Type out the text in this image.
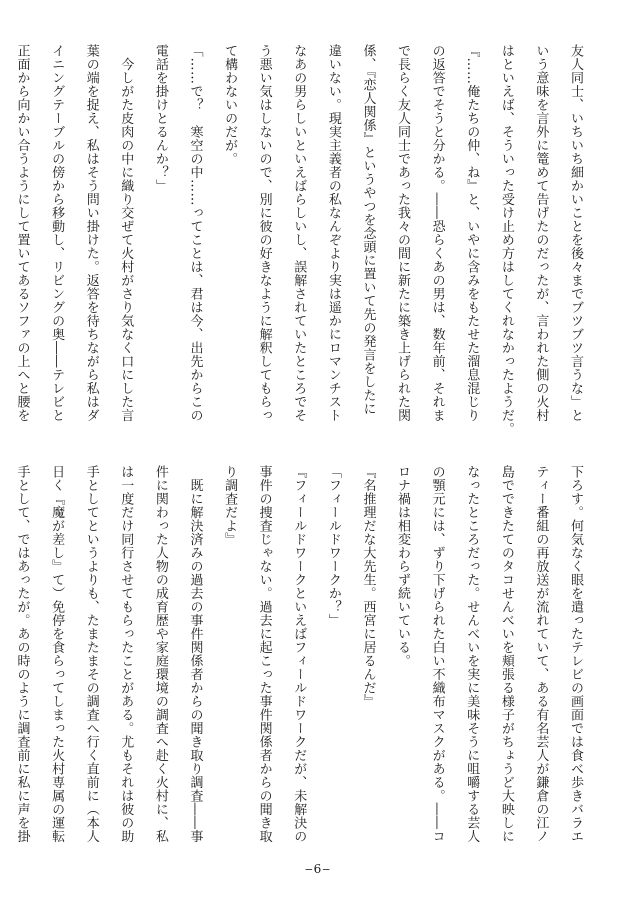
友人同士、いちいち細かいことを後々までブツブツ言うな」と
いう意味を言外に篭めて告げたのだったが、言われた側の火村
はといえば、そういった受け止め方はしてくれなかったようだ。
『……俺たちの仲、ね』と、いやに含みをもたせた溜息混じり
の返答でそうと分かる。――恐らくあの男は、数年前、それま
で長らく友人同士であった我々の間に新たに築き上げられた関
係、『恋人関係』というやつを念頭に置いて先の発言をしたに
違いない。現実主義者の私なんぞより実は遥かにロマンチスト
なあの男らしいといえばらしいし、誤解されていたところでそ
う悪い気はしないので、別に彼の好きなように解釈してもらっ
て構わないのだが。
「……で？　寒空の中……ってことは、君は今、出先からこの
電話を掛けとるんか？」
　今しがた皮肉の中に織り交ぜて火村がさり気なく口にした言
葉の端を捉え、私はそう問い掛けた。返答を待ちながら私はダ
イニングテーブルの傍から移動し、リビングの奥――テレビと
正面から向かい合うようにして置いてあるソファの上へと腰を
下ろす。何気なく眼を遣ったテレビの画面では食べ歩きバラエ
ティー番組の再放送が流れていて、ある有名芸人が鎌倉の江ノ
島でできたてのタコせんべいを頬張る様子がちょうど大映しに
なったところだった。せんべいを実に美味そうに咀嚼する芸人
の顎元には、ずり下げられた白い不織布マスクがある。――コ
ロナ禍は相変わらず続いている。
『名推理だな大先生。西宮に居るんだ』
「フィールドワークか？」
『フィールドワークといえばフィールドワークだが、未解決の
事件の捜査じゃない。過去に起こった事件関係者からの聞き取
り調査だよ』
　既に解決済みの過去の事件関係者からの聞き取り調査――事
件に関わった人物の成育歴や家庭環境の調査へ赴く火村に、私
は一度だけ同行させてもらったことがある。尤もそれは彼の助
手としてというよりも、たまたまその調査へ行く直前に（本人
日く『魔が差し』て）免停を食らってしまった火村専属の運転
手として、ではあったが。あの時のように調査前に私に声を掛
‒6‒
